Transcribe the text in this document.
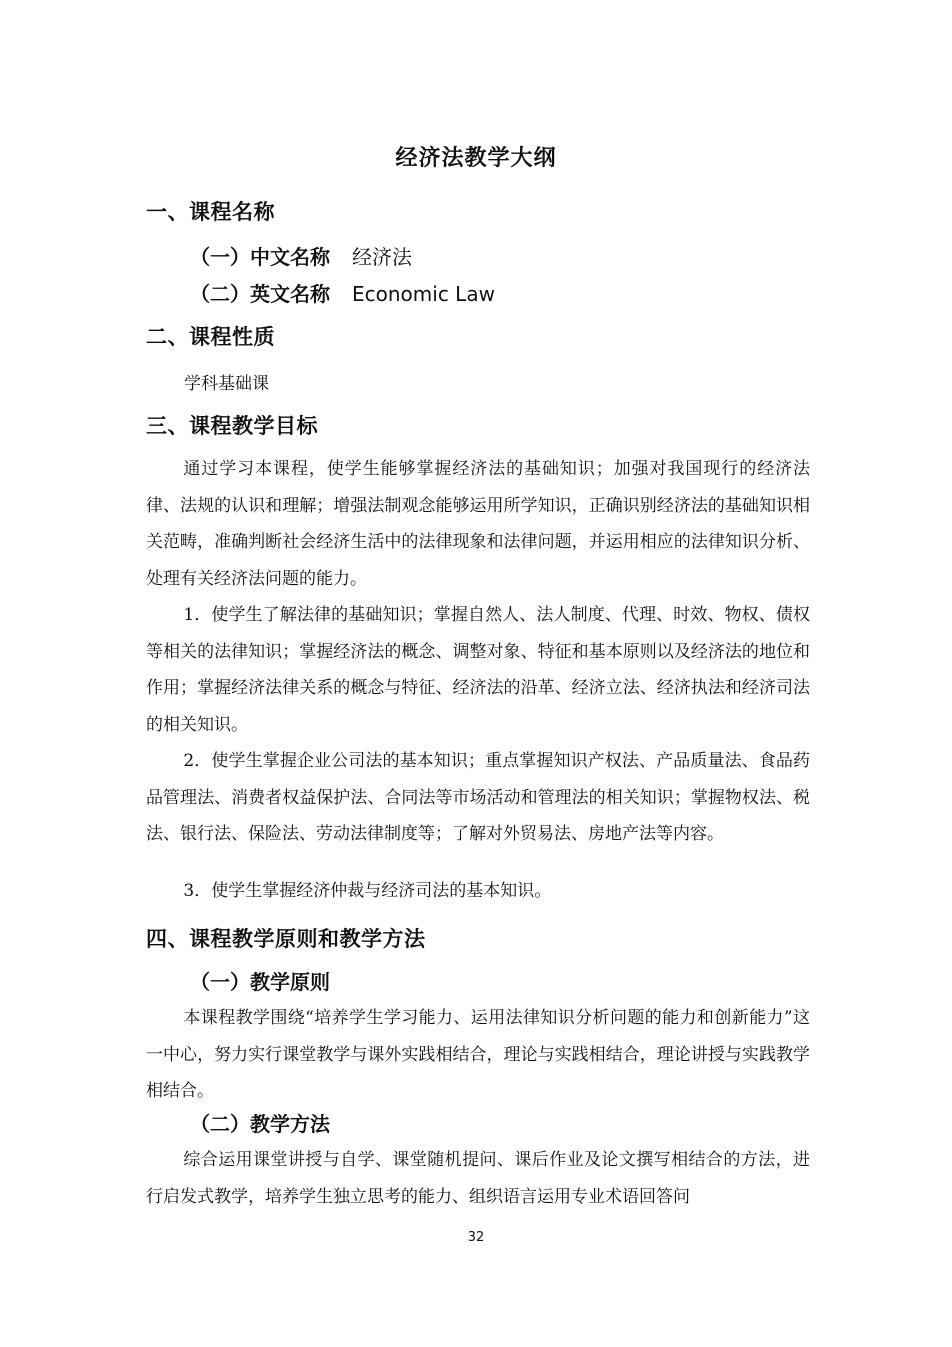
经济法教学大纲
一、课程名称
（一）中文名称 经济法
（二）英文名称 Economic Law
二、课程性质
学科基础课
三、课程教学目标

通过学习本课程，使学生能够掌握经济法的基础知识；加强对我国现行的经济法律、法规的认识和理解；增强法制观念能够运用所学知识，正确识别经济法的基础知识相关范畴，准确判断社会经济生活中的法律现象和法律问题，并运用相应的法律知识分析、处理有关经济法问题的能力。

1．使学生了解法律的基础知识；掌握自然人、法人制度、代理、时效、物权、债权等相关的法律知识；掌握经济法的概念、调整对象、特征和基本原则以及经济法的地位和作用；掌握经济法律关系的概念与特征、经济法的沿革、经济立法、经济执法和经济司法的相关知识。

2．使学生掌握企业公司法的基本知识；重点掌握知识产权法、产品质量法、食品药品管理法、消费者权益保护法、合同法等市场活动和管理法的相关知识；掌握物权法、税法、银行法、保险法、劳动法律制度等；了解对外贸易法、房地产法等内容。

3．使学生掌握经济仲裁与经济司法的基本知识。

四、课程教学原则和教学方法
（一）教学原则

本课程教学围绕“培养学生学习能力、运用法律知识分析问题的能力和创新能力”这一中心，努力实行课堂教学与课外实践相结合，理论与实践相结合，理论讲授与实践教学相结合。

（二）教学方法

综合运用课堂讲授与自学、课堂随机提问、课后作业及论文撰写相结合的方法，进行启发式教学，培养学生独立思考的能力、组织语言运用专业术语回答问

32
